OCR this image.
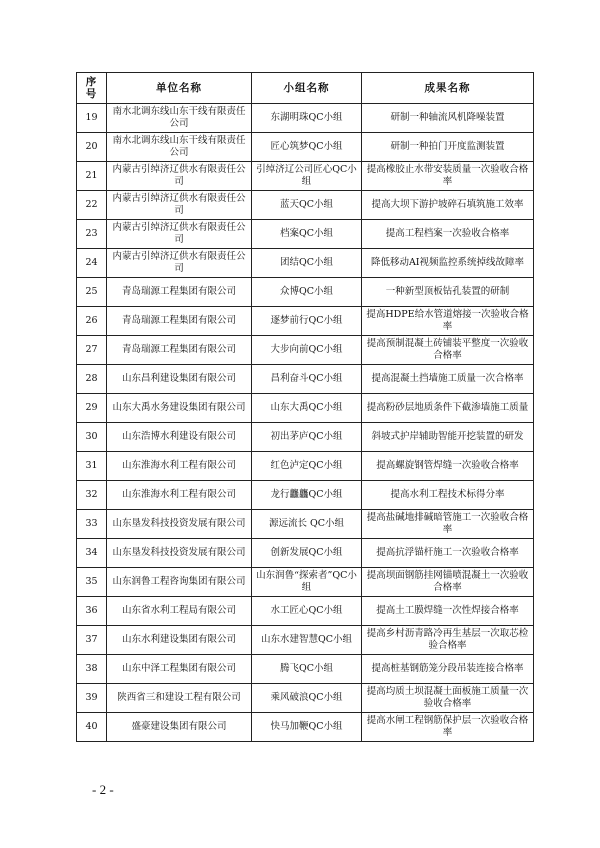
序号	单位名称	小组名称	成果名称
19	南水北调东线山东干线有限责任公司	东湖明珠QC小组	研制一种轴流风机降噪装置
20	南水北调东线山东干线有限责任公司	匠心筑梦QC小组	研制一种拍门开度监测装置
21	内蒙古引绰济辽供水有限责任公司	引绰济辽公司匠心QC小组	提高橡胶止水带安装质量一次验收合格率
22	内蒙古引绰济辽供水有限责任公司	蓝天QC小组	提高大坝下游护坡碎石填筑施工效率
23	内蒙古引绰济辽供水有限责任公司	档案QC小组	提高工程档案一次验收合格率
24	内蒙古引绰济辽供水有限责任公司	团结QC小组	降低移动AI视频监控系统掉线故障率
25	青岛瑞源工程集团有限公司	众博QC小组	一种新型顶板钻孔装置的研制
26	青岛瑞源工程集团有限公司	逐梦前行QC小组	提高HDPE给水管道熔接一次验收合格率
27	青岛瑞源工程集团有限公司	大步向前QC小组	提高预制混凝土砖铺装平整度一次验收合格率
28	山东昌利建设集团有限公司	昌利奋斗QC小组	提高混凝土挡墙施工质量一次合格率
29	山东大禹水务建设集团有限公司	山东大禹QC小组	提高粉砂层地质条件下截渗墙施工质量
30	山东浩博水利建设有限公司	初出茅庐QC小组	斜坡式护岸辅助智能开挖装置的研发
31	山东淮海水利工程有限公司	红色泸定QC小组	提高螺旋钢管焊缝一次验收合格率
32	山东淮海水利工程有限公司	龙行龘龘QC小组	提高水利工程技术标得分率
33	山东垦发科技投资发展有限公司	源远流长 QC小组	提高盐碱地排碱暗管施工一次验收合格率
34	山东垦发科技投资发展有限公司	创新发展QC小组	提高抗浮锚杆施工一次验收合格率
35	山东润鲁工程咨询集团有限公司	山东润鲁“探索者”QC小组	提高坝面钢筋挂网锚喷混凝土一次验收合格率
36	山东省水利工程局有限公司	水工匠心QC小组	提高土工膜焊缝一次性焊接合格率
37	山东水利建设集团有限公司	山东水建智慧QC小组	提高乡村沥青路冷再生基层一次取芯检验合格率
38	山东中泽工程集团有限公司	腾飞QC小组	提高桩基钢筋笼分段吊装连接合格率
39	陕西省三和建设工程有限公司	乘风破浪QC小组	提高均质土坝混凝土面板施工质量一次验收合格率
40	盛豪建设集团有限公司	快马加鞭QC小组	提高水闸工程钢筋保护层一次验收合格率
- 2 -
